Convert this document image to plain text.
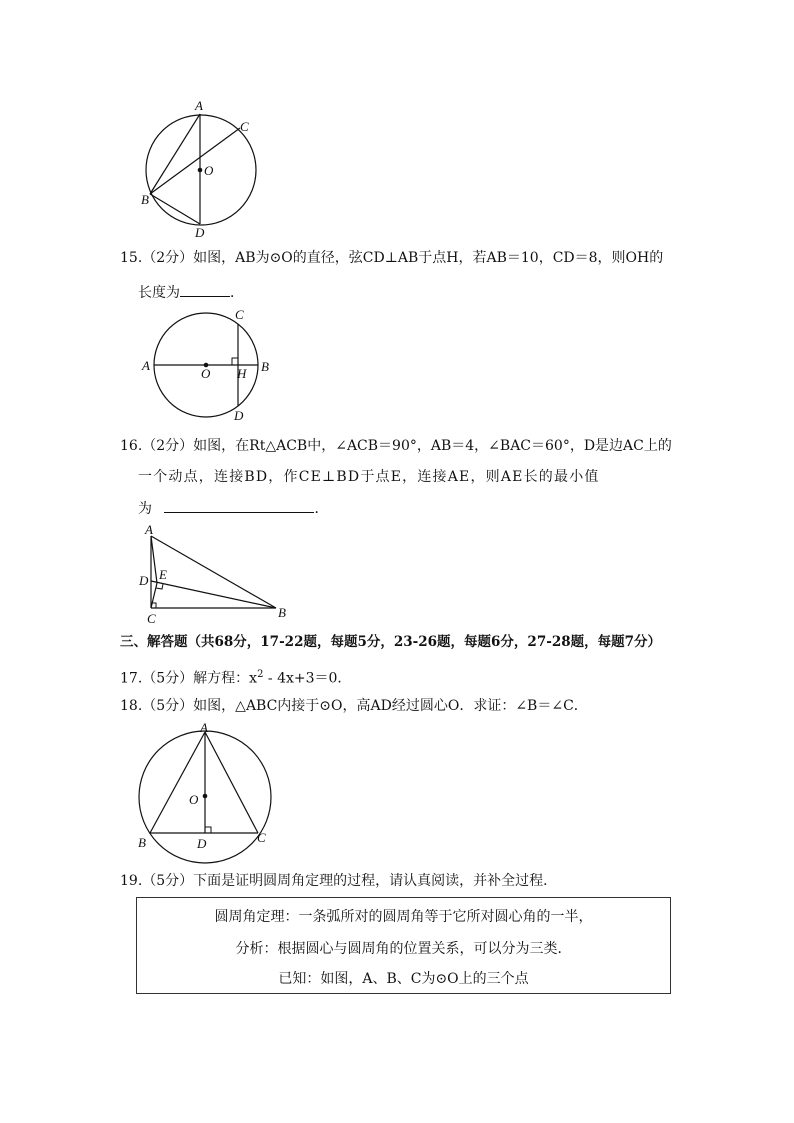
A
C
O
B
D
15.（2分）如图，AB为⊙O的直径，弦CD⊥AB于点H，若AB＝10，CD＝8，则OH的
长度为	．
A	B
C
D
O H
16.（2分）如图，在Rt△ACB中，∠ACB＝90°，AB＝4，∠BAC＝60°，D是边AC上的
一个动点，连接BD，作CE⊥BD于点E，连接AE，则AE长的最小值
为	．
A
D E
C	B
三、解答题（共68分，17-22题，每题5分，23-26题，每题6分，27-28题，每题7分）
17.（5分）解方程：$x^2 - 4x+3=0$．
18.（5分）如图，△ABC内接于⊙O，高AD经过圆心O．求证：∠B＝∠C．
A
O
B	D	C
19.（5分）下面是证明圆周角定理的过程，请认真阅读，并补全过程．
圆周角定理：一条弧所对的圆周角等于它所对圆心角的一半，
分析：根据圆心与圆周角的位置关系，可以分为三类．
已知：如图，A、B、C为⊙O上的三个点
